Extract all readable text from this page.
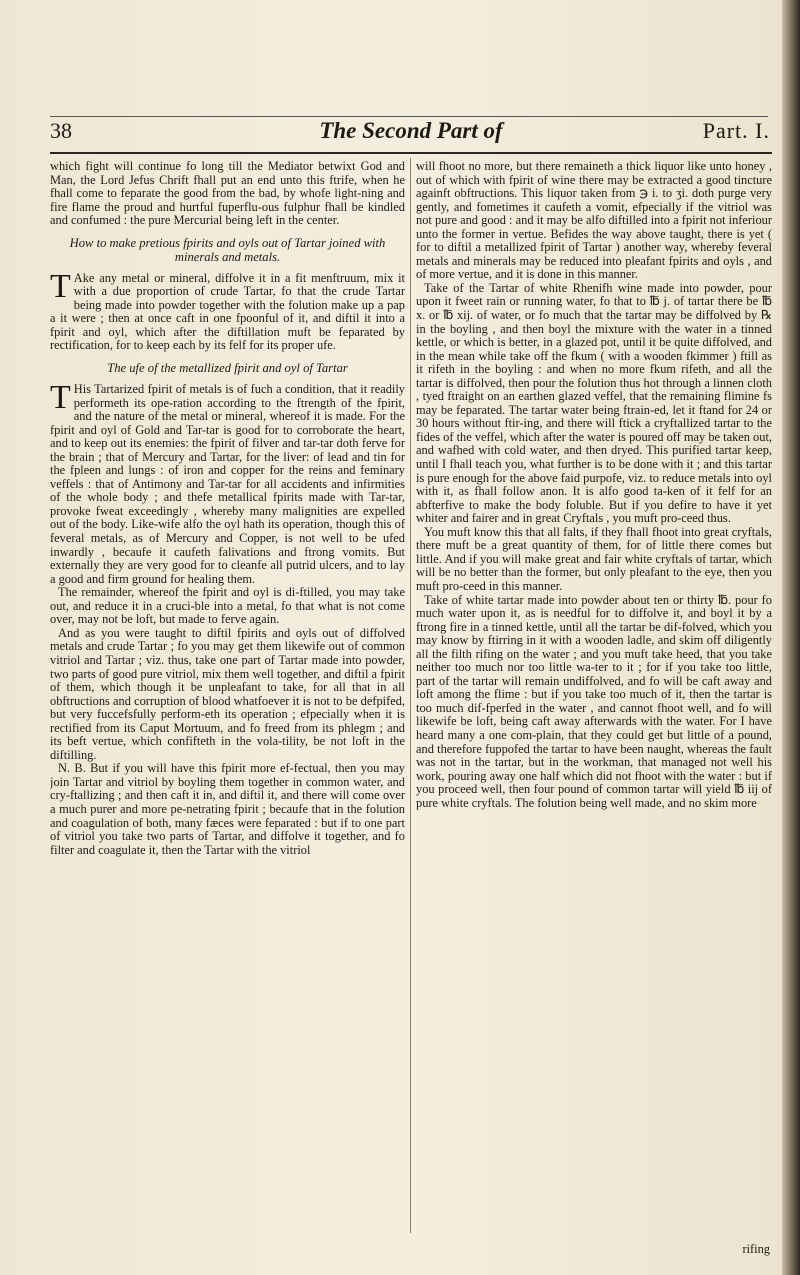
38	The Second Part of	Part. I.

which fight will continue fo long till the Mediator betwixt God and Man, the Lord Jefus Chrift fhall put an end unto this ftrife, when he fhall come to feparate the good from the bad, by whofe light-ning and fire flame the proud and hurtful fuperflu-ous fulphur fhall be kindled and confumed : the pure Mercurial being left in the center.

How to make pretious fpirits and oyls out of Tartar joined with minerals and metals.

T Ake any metal or mineral, diffolve it in a fit menftruum, mix it with a due proportion of crude Tartar, fo that the crude Tartar being made into powder together with the folution make up a pap a it were ; then at once caft in one fpoonful of it, and diftil it into a fpirit and oyl, which after the diftillation muft be feparated by rectification, for to keep each by its felf for its proper ufe.

The ufe of the metallized fpirit and oyl of Tartar

T His Tartarized fpirit of metals is of fuch a condition, that it readily performeth its ope-ration according to the ftrength of the fpirit, and the nature of the metal or mineral, whereof it is made. For the fpirit and oyl of Gold and Tar-tar is good for to corroborate the heart, and to keep out its enemies: the fpirit of filver and tar-tar doth ferve for the brain ; that of Mercury and Tartar, for the liver: of lead and tin for the fpleen and lungs : of iron and copper for the reins and feminary veffels : that of Antimony and Tar-tar for all accidents and infirmities of the whole body ; and thefe metallical fpirits made with Tar-tar, provoke fweat exceedingly , whereby many malignities are expelled out of the body. Like-wife alfo the oyl hath its operation, though this of feveral metals, as of Mercury and Copper, is not well to be ufed inwardly , becaufe it caufeth falivations and ftrong vomits. But externally they are very good for to cleanfe all putrid ulcers, and to lay a good and firm ground for healing them.

The remainder, whereof the fpirit and oyl is di-ftilled, you may take out, and reduce it in a cruci-ble into a metal, fo that what is not come over, may not be loft, but made to ferve again.

And as you were taught to diftil fpirits and oyls out of diffolved metals and crude Tartar ; fo you may get them likewife out of common vitriol and Tartar ; viz. thus, take one part of Tartar made into powder, two parts of good pure vitriol, mix them well together, and diftil a fpirit of them, which though it be unpleafant to take, for all that in all obftructions and corruption of blood whatfoever it is not to be defpifed, but very fuccefsfully perform-eth its operation ; efpecially when it is rectified from its Caput Mortuum, and fo freed from its phlegm ; and its beft vertue, which confifteth in the vola-tility, be not loft in the diftilling.

N. B. But if you will have this fpirit more ef-fectual, then you may join Tartar and vitriol by boyling them together in common water, and cry-ftallizing ; and then caft it in, and diftil it, and there will come over a much purer and more pe-netrating fpirit ; becaufe that in the folution and coagulation of both, many fæces were feparated : but if to one part of vitriol you take two parts of Tartar, and diffolve it together, and fo filter and coagulate it, then the Tartar with the vitriol

will fhoot no more, but there remaineth a thick liquor like unto honey , out of which with fpirit of wine there may be extracted a good tincture againft obftructions. This liquor taken from ℈ i. to ʒi. doth purge very gently, and fometimes it caufeth a vomit, efpecially if the vitriol was not pure and good : and it may be alfo diftilled into a fpirit not inferiour unto the former in vertue. Befides the way above taught, there is yet ( for to diftil a metallized fpirit of Tartar ) another way, whereby feveral metals and minerals may be reduced into pleafant fpirits and oyls , and of more vertue, and it is done in this manner.

Take of the Tartar of white Rhenifh wine made into powder, pour upon it fweet rain or running water, fo that to ℔ j. of tartar there be ℔ x. or ℔ xij. of water, or fo much that the tartar may be diffolved by ℞ in the boyling , and then boyl the mixture with the water in a tinned kettle, or which is better, in a glazed pot, until it be quite diffolved, and in the mean while take off the fkum ( with a wooden fkimmer ) ftill as it rifeth in the boyling : and when no more fkum rifeth, and all the tartar is diffolved, then pour the folution thus hot through a linnen cloth , tyed ftraight on an earthen glazed veffel, that the remaining flimine fs may be feparated. The tartar water being ftrain-ed, let it ftand for 24 or 30 hours without ftir-ing, and there will ftick a cryftallized tartar to the fides of the veffel, which after the water is poured off may be taken out, and wafhed with cold water, and then dryed. This purified tartar keep, until I fhall teach you, what further is to be done with it ; and this tartar is pure enough for the above faid purpofe, viz. to reduce metals into oyl with it, as fhall follow anon. It is alfo good ta-ken of it felf for an abfterfive to make the body foluble. But if you defire to have it yet whiter and fairer and in great Cryftals , you muft pro-ceed thus.

You muft know this that all falts, if they fhall fhoot into great cryftals, there muft be a great quantity of them, for of little there comes but little. And if you will make great and fair white cryftals of tartar, which will be no better than the former, but only pleafant to the eye, then you muft pro-ceed in this manner.

Take of white tartar made into powder about ten or thirty ℔. pour fo much water upon it, as is needful for to diffolve it, and boyl it by a ftrong fire in a tinned kettle, until all the tartar be dif-folved, which you may know by ftirring in it with a wooden ladle, and skim off diligently all the filth rifing on the water ; and you muft take heed, that you take neither too much nor too little wa-ter to it ; for if you take too little, part of the tartar will remain undiffolved, and fo will be caft away and loft among the flime : but if you take too much of it, then the tartar is too much dif-fperfed in the water , and cannot fhoot well, and fo will likewife be loft, being caft away afterwards with the water. For I have heard many a one com-plain, that they could get but little of a pound, and therefore fuppofed the tartar to have been naught, whereas the fault was not in the tartar, but in the workman, that managed not well his work, pouring away one half which did not fhoot with the water : but if you proceed well, then four pound of common tartar will yield ℔ iij of pure white cryftals. The folution being well made, and no skim more

rifing
